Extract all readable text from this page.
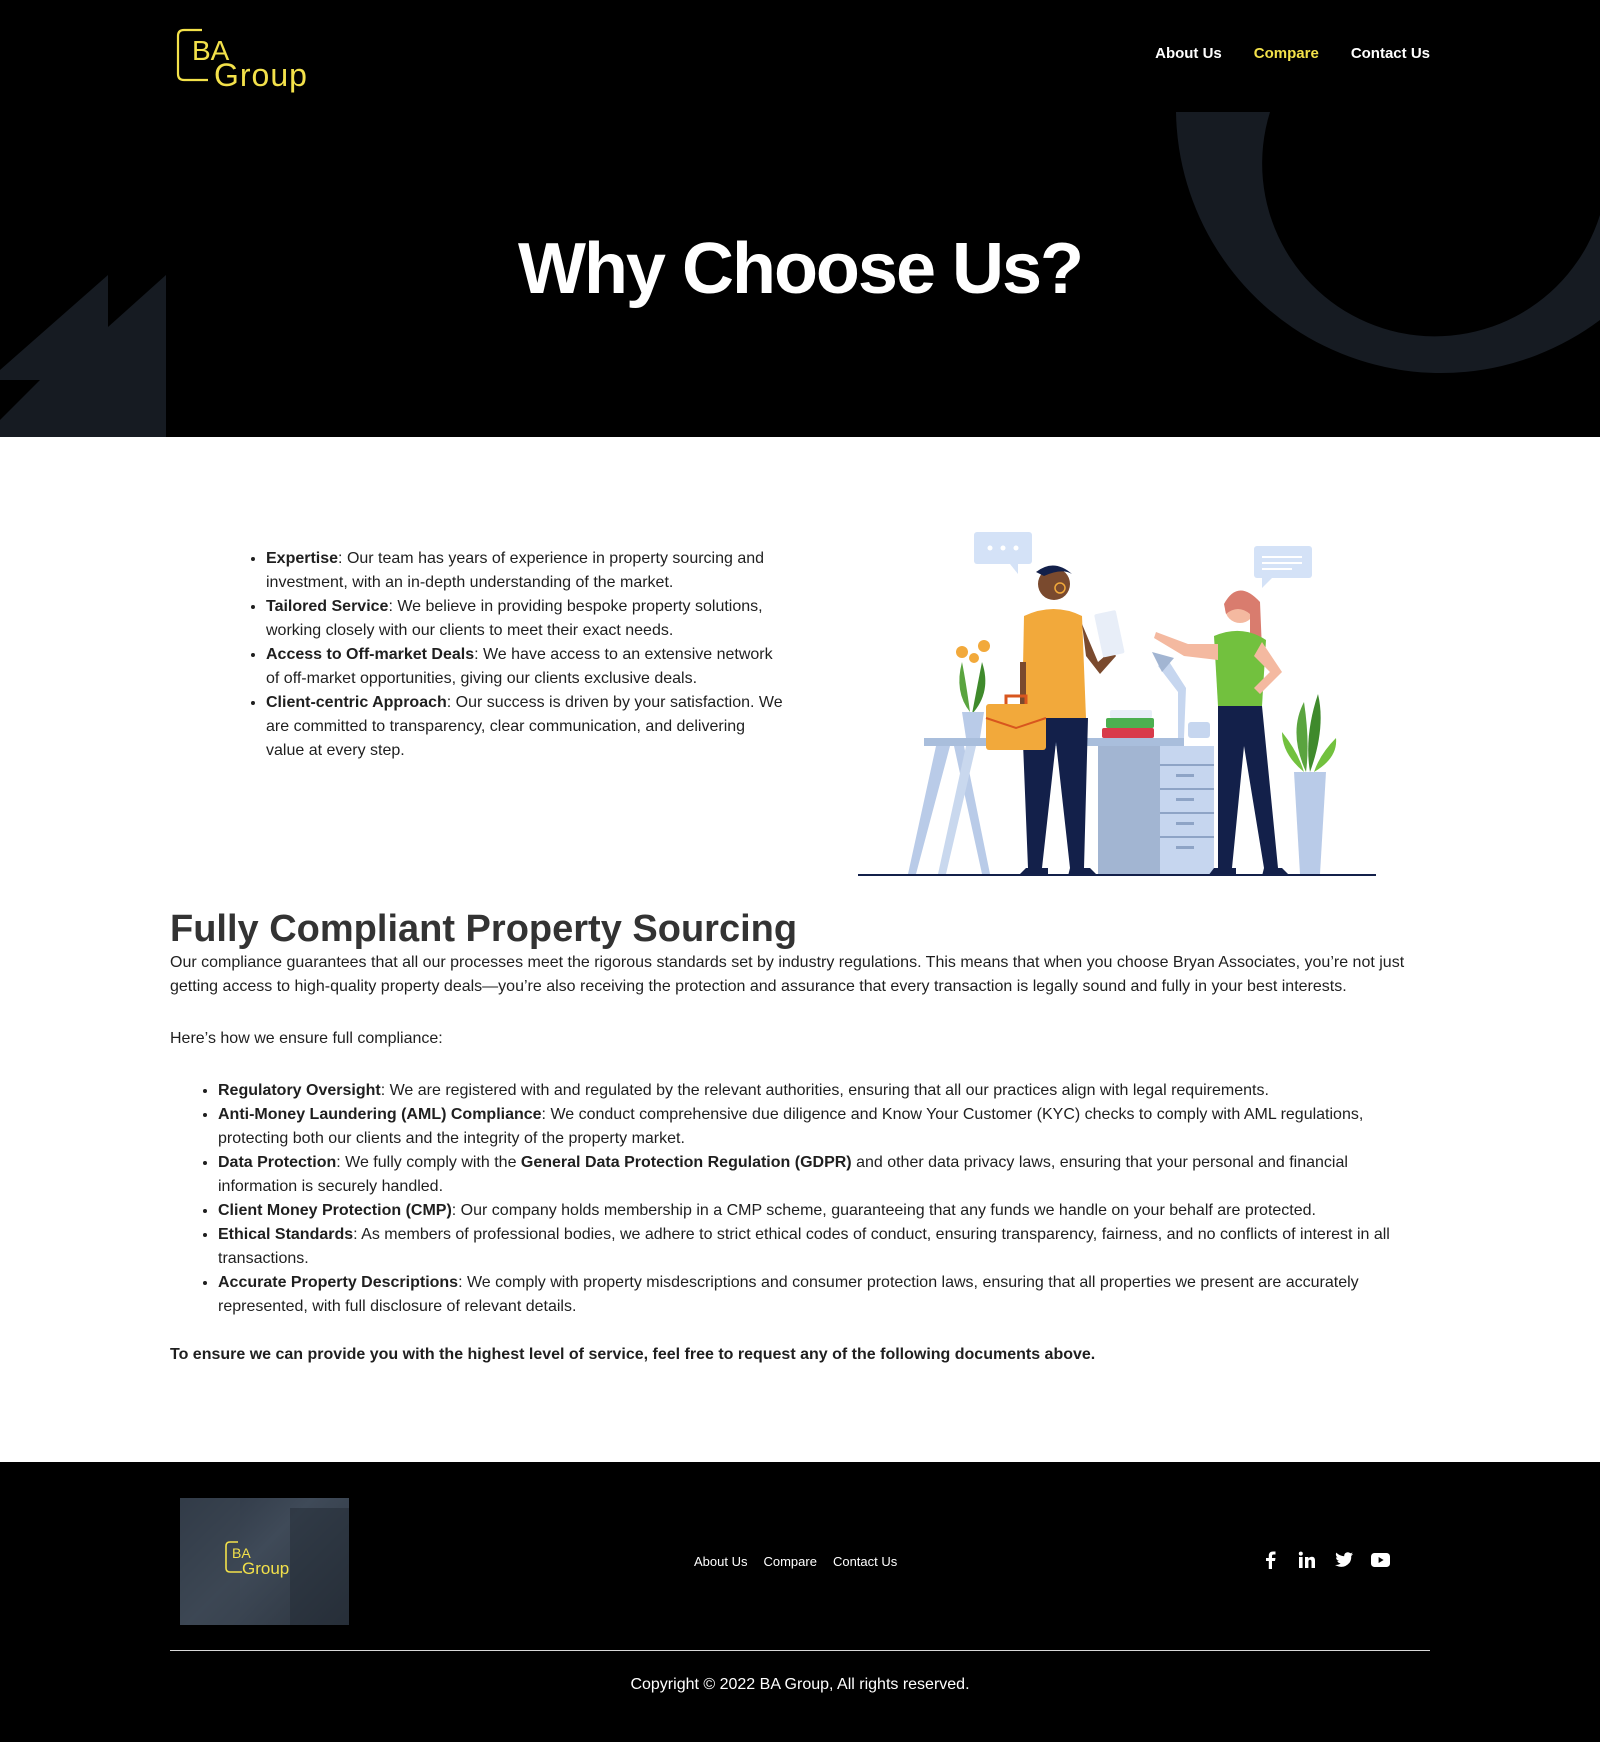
BA
Group
About Us Compare Contact Us
Why Choose Us?
• Expertise: Our team has years of experience in property sourcing and investment, with an in-depth understanding of the market.
• Tailored Service: We believe in providing bespoke property solutions, working closely with our clients to meet their exact needs.
• Access to Off-market Deals: We have access to an extensive network of off-market opportunities, giving our clients exclusive deals.
• Client-centric Approach: Our success is driven by your satisfaction. We are committed to transparency, clear communication, and delivering value at every step.
Fully Compliant Property Sourcing

Our compliance guarantees that all our processes meet the rigorous standards set by industry regulations. This means that when you choose Bryan Associates, you’re not just getting access to high-quality property deals—you’re also receiving the protection and assurance that every transaction is legally sound and fully in your best interests.

Here’s how we ensure full compliance:

• Regulatory Oversight: We are registered with and regulated by the relevant authorities, ensuring that all our practices align with legal requirements.
• Anti-Money Laundering (AML) Compliance: We conduct comprehensive due diligence and Know Your Customer (KYC) checks to comply with AML regulations, protecting both our clients and the integrity of the property market.
• Data Protection: We fully comply with the General Data Protection Regulation (GDPR) and other data privacy laws, ensuring that your personal and financial information is securely handled.
• Client Money Protection (CMP): Our company holds membership in a CMP scheme, guaranteeing that any funds we handle on your behalf are protected.
• Ethical Standards: As members of professional bodies, we adhere to strict ethical codes of conduct, ensuring transparency, fairness, and no conflicts of interest in all transactions.
• Accurate Property Descriptions: We comply with property misdescriptions and consumer protection laws, ensuring that all properties we present are accurately represented, with full disclosure of relevant details.

To ensure we can provide you with the highest level of service, feel free to request any of the following documents above.

BA
Group	About Us Compare Contact Us
Copyright © 2022 BA Group, All rights reserved.
